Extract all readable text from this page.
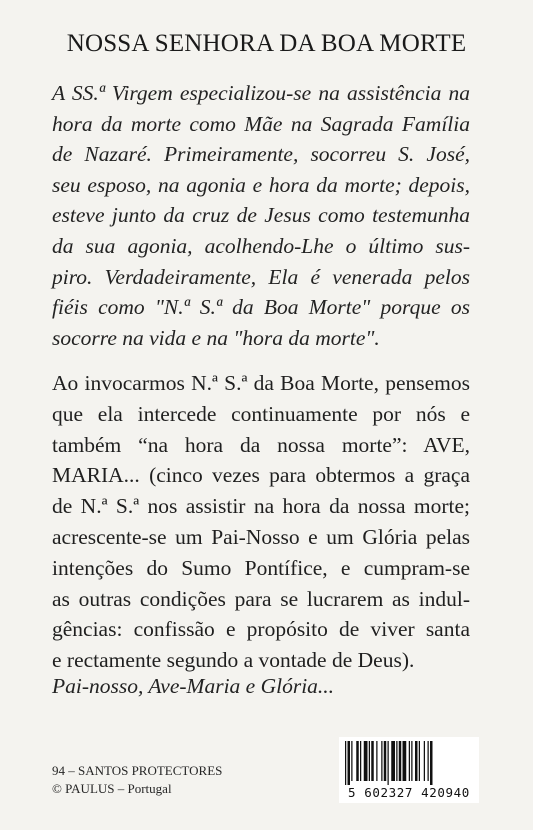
NOSSA SENHORA DA BOA MORTE
A SS.ª Virgem especializou-se na assistência na
hora da morte como Mãe na Sagrada Família
de Nazaré. Primeiramente, socorreu S. José,
seu esposo, na agonia e hora da morte; depois,
esteve junto da cruz de Jesus como testemunha
da sua agonia, acolhendo-Lhe o último sus-
piro. Verdadeiramente, Ela é venerada pelos
fiéis como "N.ª S.ª da Boa Morte" porque os
socorre na vida e na "hora da morte".
Ao invocarmos N.ª S.ª da Boa Morte, pensemos
que ela intercede continuamente por nós e
também “na hora da nossa morte”: AVE,
MARIA... (cinco vezes para obtermos a graça
de N.ª S.ª nos assistir na hora da nossa morte;
acrescente-se um Pai-Nosso e um Glória pelas
intenções do Sumo Pontífice, e cumpram-se
as outras condições para se lucrarem as indul-
gências: confissão e propósito de viver santa
e rectamente segundo a vontade de Deus).
Pai-nosso, Ave-Maria e Glória...
94 – SANTOS PROTECTORES
© PAULUS – Portugal	5 602327 420940
